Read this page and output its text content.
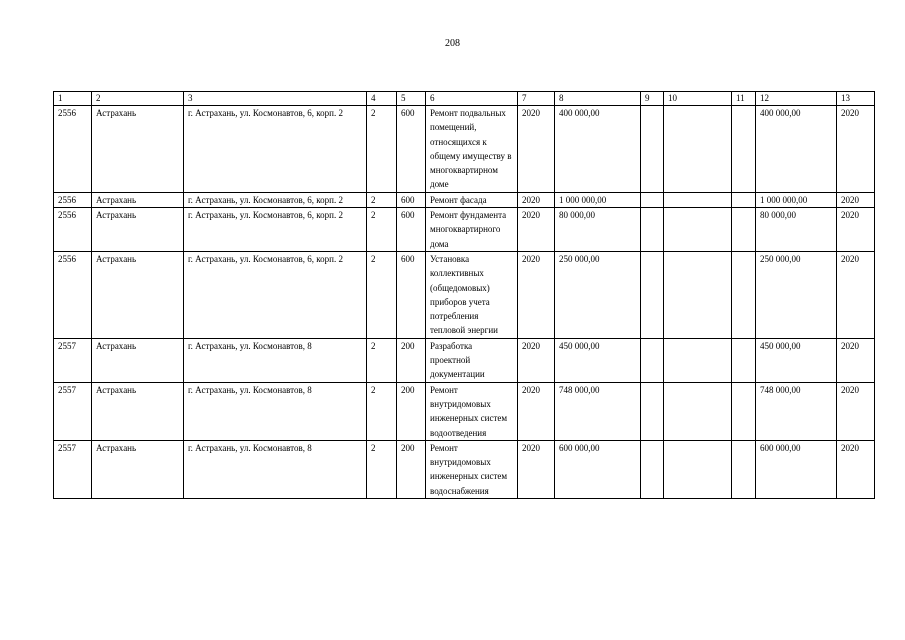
208
1	2	3	4	5	6	7	8	9	10	11	12	13
2556	Астрахань	г. Астрахань, ул. Космонавтов, 6, корп. 2	2	600	Ремонт подвальных помещений, относящихся к общему имуществу в многоквартирном доме	2020	400 000,00				400 000,00	2020
2556	Астрахань	г. Астрахань, ул. Космонавтов, 6, корп. 2	2	600	Ремонт фасада	2020	1 000 000,00				1 000 000,00	2020
2556	Астрахань	г. Астрахань, ул. Космонавтов, 6, корп. 2	2	600	Ремонт фундамента многоквартирного дома	2020	80 000,00				80 000,00	2020
2556	Астрахань	г. Астрахань, ул. Космонавтов, 6, корп. 2	2	600	Установка коллективных (общедомовых) приборов учета потребления тепловой энергии	2020	250 000,00				250 000,00	2020
2557	Астрахань	г. Астрахань, ул. Космонавтов, 8	2	200	Разработка проектной документации	2020	450 000,00				450 000,00	2020
2557	Астрахань	г. Астрахань, ул. Космонавтов, 8	2	200	Ремонт внутридомовых инженерных систем водоотведения	2020	748 000,00				748 000,00	2020
2557	Астрахань	г. Астрахань, ул. Космонавтов, 8	2	200	Ремонт внутридомовых инженерных систем водоснабжения	2020	600 000,00				600 000,00	2020
